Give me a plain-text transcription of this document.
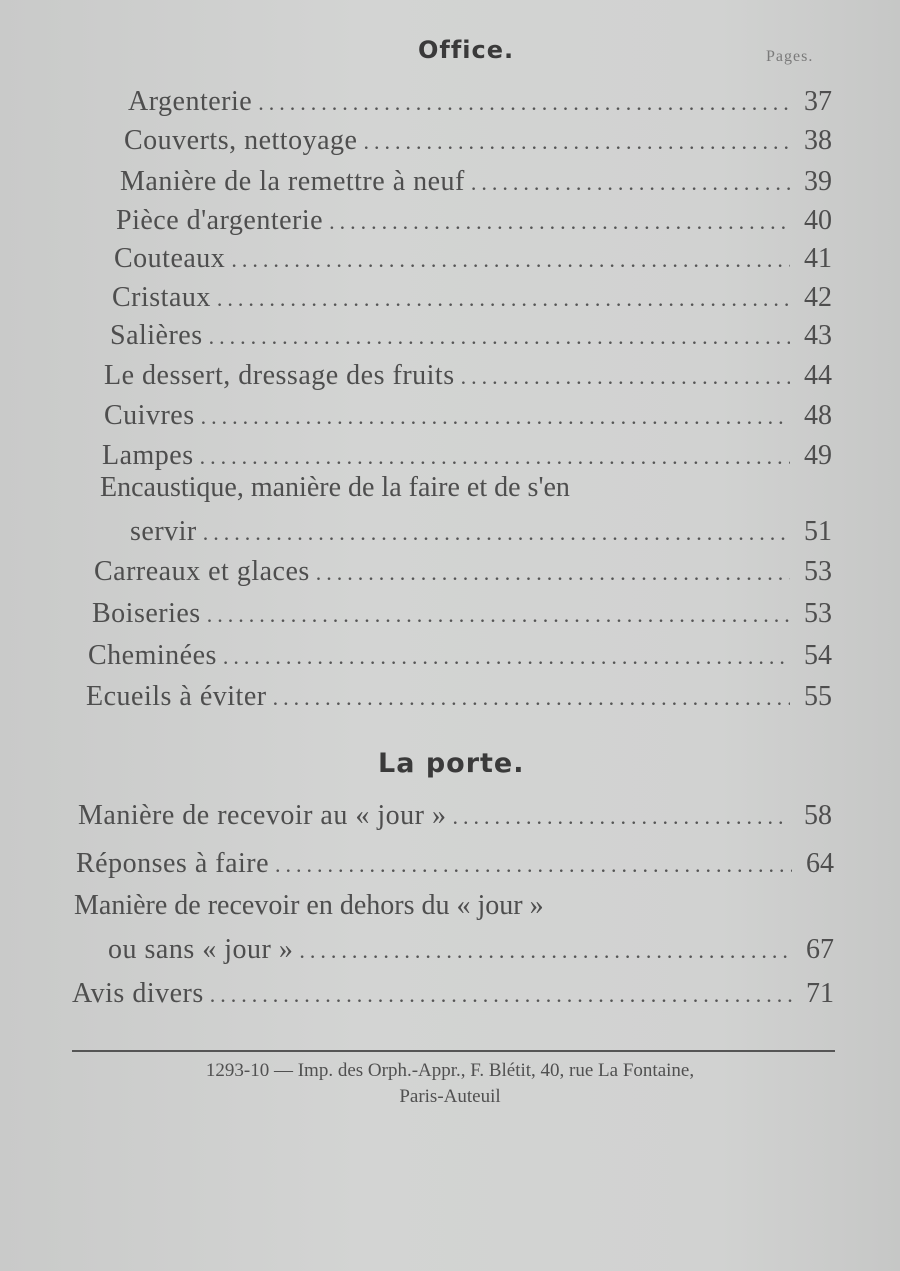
Office.	Pages.
Argenterie .....	37
Couverts, nettoyage .....	38
Manière de la remettre à neuf .....	39
Pièce d'argenterie .....	40
Couteaux .....	41
Cristaux .....	42
Salières .....	43
Le dessert, dressage des fruits .....	44
Cuivres .....	48
Lampes .....	49
Encaustique, manière de la faire et de s'en
servir .....	51
Carreaux et glaces .....	53
Boiseries .....	53
Cheminées .....	54
Ecueils à éviter .....	55
La porte.
Manière de recevoir au « jour » .....	58
Réponses à faire .....	64
Manière de recevoir en dehors du « jour »
ou sans « jour » .....	67
Avis divers .....	71
1293-10 — Imp. des Orph.-Appr., F. Blétit, 40, rue La Fontaine,
Paris-Auteuil
